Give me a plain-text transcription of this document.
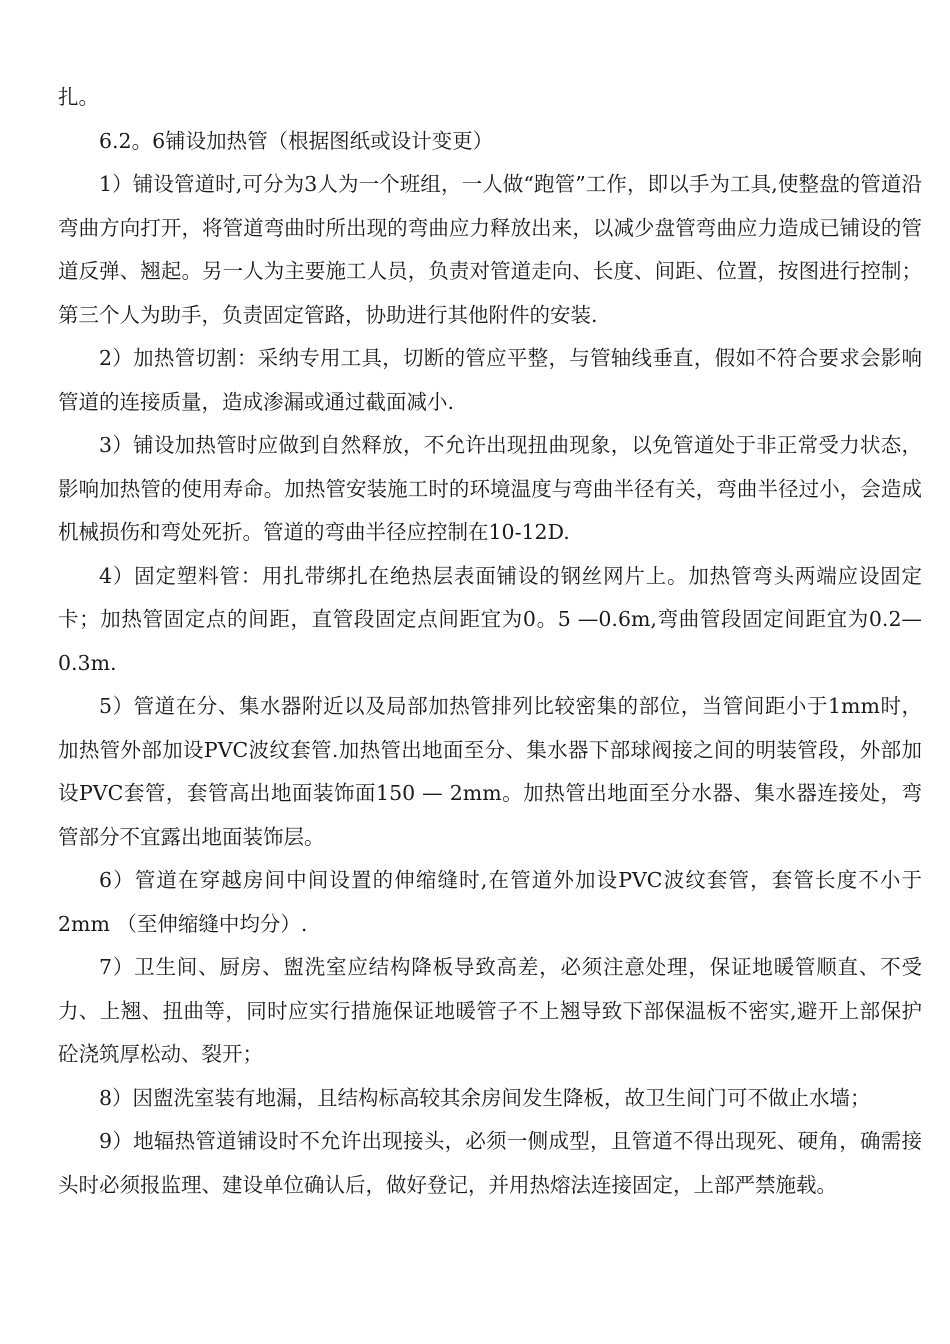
扎。

6.2。6铺设加热管（根据图纸或设计变更）

1）铺设管道时,可分为3人为一个班组，一人做“跑管”工作，即以手为工具,使整盘的管道沿弯曲方向打开，将管道弯曲时所出现的弯曲应力释放出来，以减少盘管弯曲应力造成已铺设的管道反弹、翘起。另一人为主要施工人员，负责对管道走向、长度、间距、位置，按图进行控制；第三个人为助手，负责固定管路，协助进行其他附件的安装.

2）加热管切割：采纳专用工具，切断的管应平整，与管轴线垂直，假如不符合要求会影响管道的连接质量，造成渗漏或通过截面减小.

3）铺设加热管时应做到自然释放，不允许出现扭曲现象，以免管道处于非正常受力状态，影响加热管的使用寿命。加热管安装施工时的环境温度与弯曲半径有关，弯曲半径过小，会造成机械损伤和弯处死折。管道的弯曲半径应控制在10-12D.

4）固定塑料管：用扎带绑扎在绝热层表面铺设的钢丝网片上。加热管弯头两端应设固定卡；加热管固定点的间距，直管段固定点间距宜为0。5 —0.6m,弯曲管段固定间距宜为0.2— 0.3m.

5）管道在分、集水器附近以及局部加热管排列比较密集的部位，当管间距小于1mm时，加热管外部加设PVC波纹套管.加热管出地面至分、集水器下部球阀接之间的明装管段，外部加设PVC套管，套管高出地面装饰面150 — 2mm。加热管出地面至分水器、集水器连接处，弯管部分不宜露出地面装饰层。

6）管道在穿越房间中间设置的伸缩缝时,在管道外加设PVC波纹套管，套管长度不小于2mm （至伸缩缝中均分）.

7）卫生间、厨房、盥洗室应结构降板导致高差，必须注意处理，保证地暖管顺直、不受力、上翘、扭曲等，同时应实行措施保证地暖管子不上翘导致下部保温板不密实,避开上部保护砼浇筑厚松动、裂开；

8）因盥洗室装有地漏，且结构标高较其余房间发生降板，故卫生间门可不做止水墙；

9）地辐热管道铺设时不允许出现接头，必须一侧成型，且管道不得出现死、硬角，确需接头时必须报监理、建设单位确认后，做好登记，并用热熔法连接固定，上部严禁施载。
